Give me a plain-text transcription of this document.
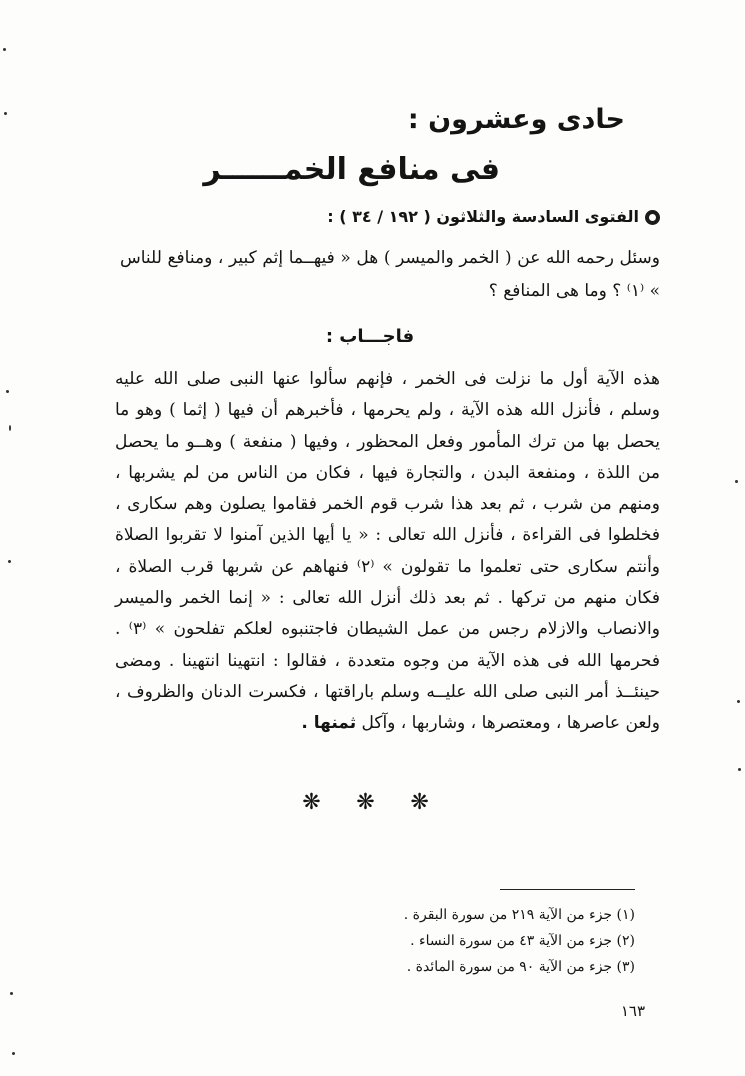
حادى وعشرون :
فى منافع الخمــــــر
الفتوى السادسة والثلاثون ( ١٩٢ / ٣٤ ) :
وسئل رحمه الله عن ( الخمر والميسر ) هل « فيهــما إثم كبير ، ومنافع للناس » ⁽١⁾ ؟ وما هى المنافع ؟
فاجـــاب :
هذه الآية أول ما نزلت فى الخمر ، فإنهم سألوا عنها النبى صلى الله عليه وسلم ، فأنزل الله هذه الآية ، ولم يحرمها ، فأخبرهم أن فيها ( إثما ) وهو ما يحصل بها من ترك المأمور وفعل المحظور ، وفيها ( منفعة ) وهــو ما يحصل من اللذة ، ومنفعة البدن ، والتجارة فيها ، فكان من الناس من لم يشربها ، ومنهم من شرب ، ثم بعد هذا شرب قوم الخمر فقاموا يصلون وهم سكارى ، فخلطوا فى القراءة ، فأنزل الله تعالى : « يا أيها الذين آمنوا لا تقربوا الصلاة وأنتم سكارى حتى تعلموا ما تقولون » ⁽٢⁾ فنهاهم عن شربها قرب الصلاة ، فكان منهم من تركها . ثم بعد ذلك أنزل الله تعالى : « إنما الخمر والميسر والانصاب والازلام رجس من عمل الشيطان فاجتنبوه لعلكم تفلحون » ⁽٣⁾ . فحرمها الله فى هذه الآية من وجوه متعددة ، فقالوا : انتهينا انتهينا . ومضى حينئــذ أمر النبى صلى الله عليــه وسلم باراقتها ، فكسرت الدنان والظروف ، ولعن عاصرها ، ومعتصرها ، وشاربها ، وآكل ثمنها .
❋ ❋ ❋
(١) جزء من الآية ٢١٩ من سورة البقرة .
(٢) جزء من الآية ٤٣ من سورة النساء .
(٣) جزء من الآية ٩٠ من سورة المائدة .
١٦٣
